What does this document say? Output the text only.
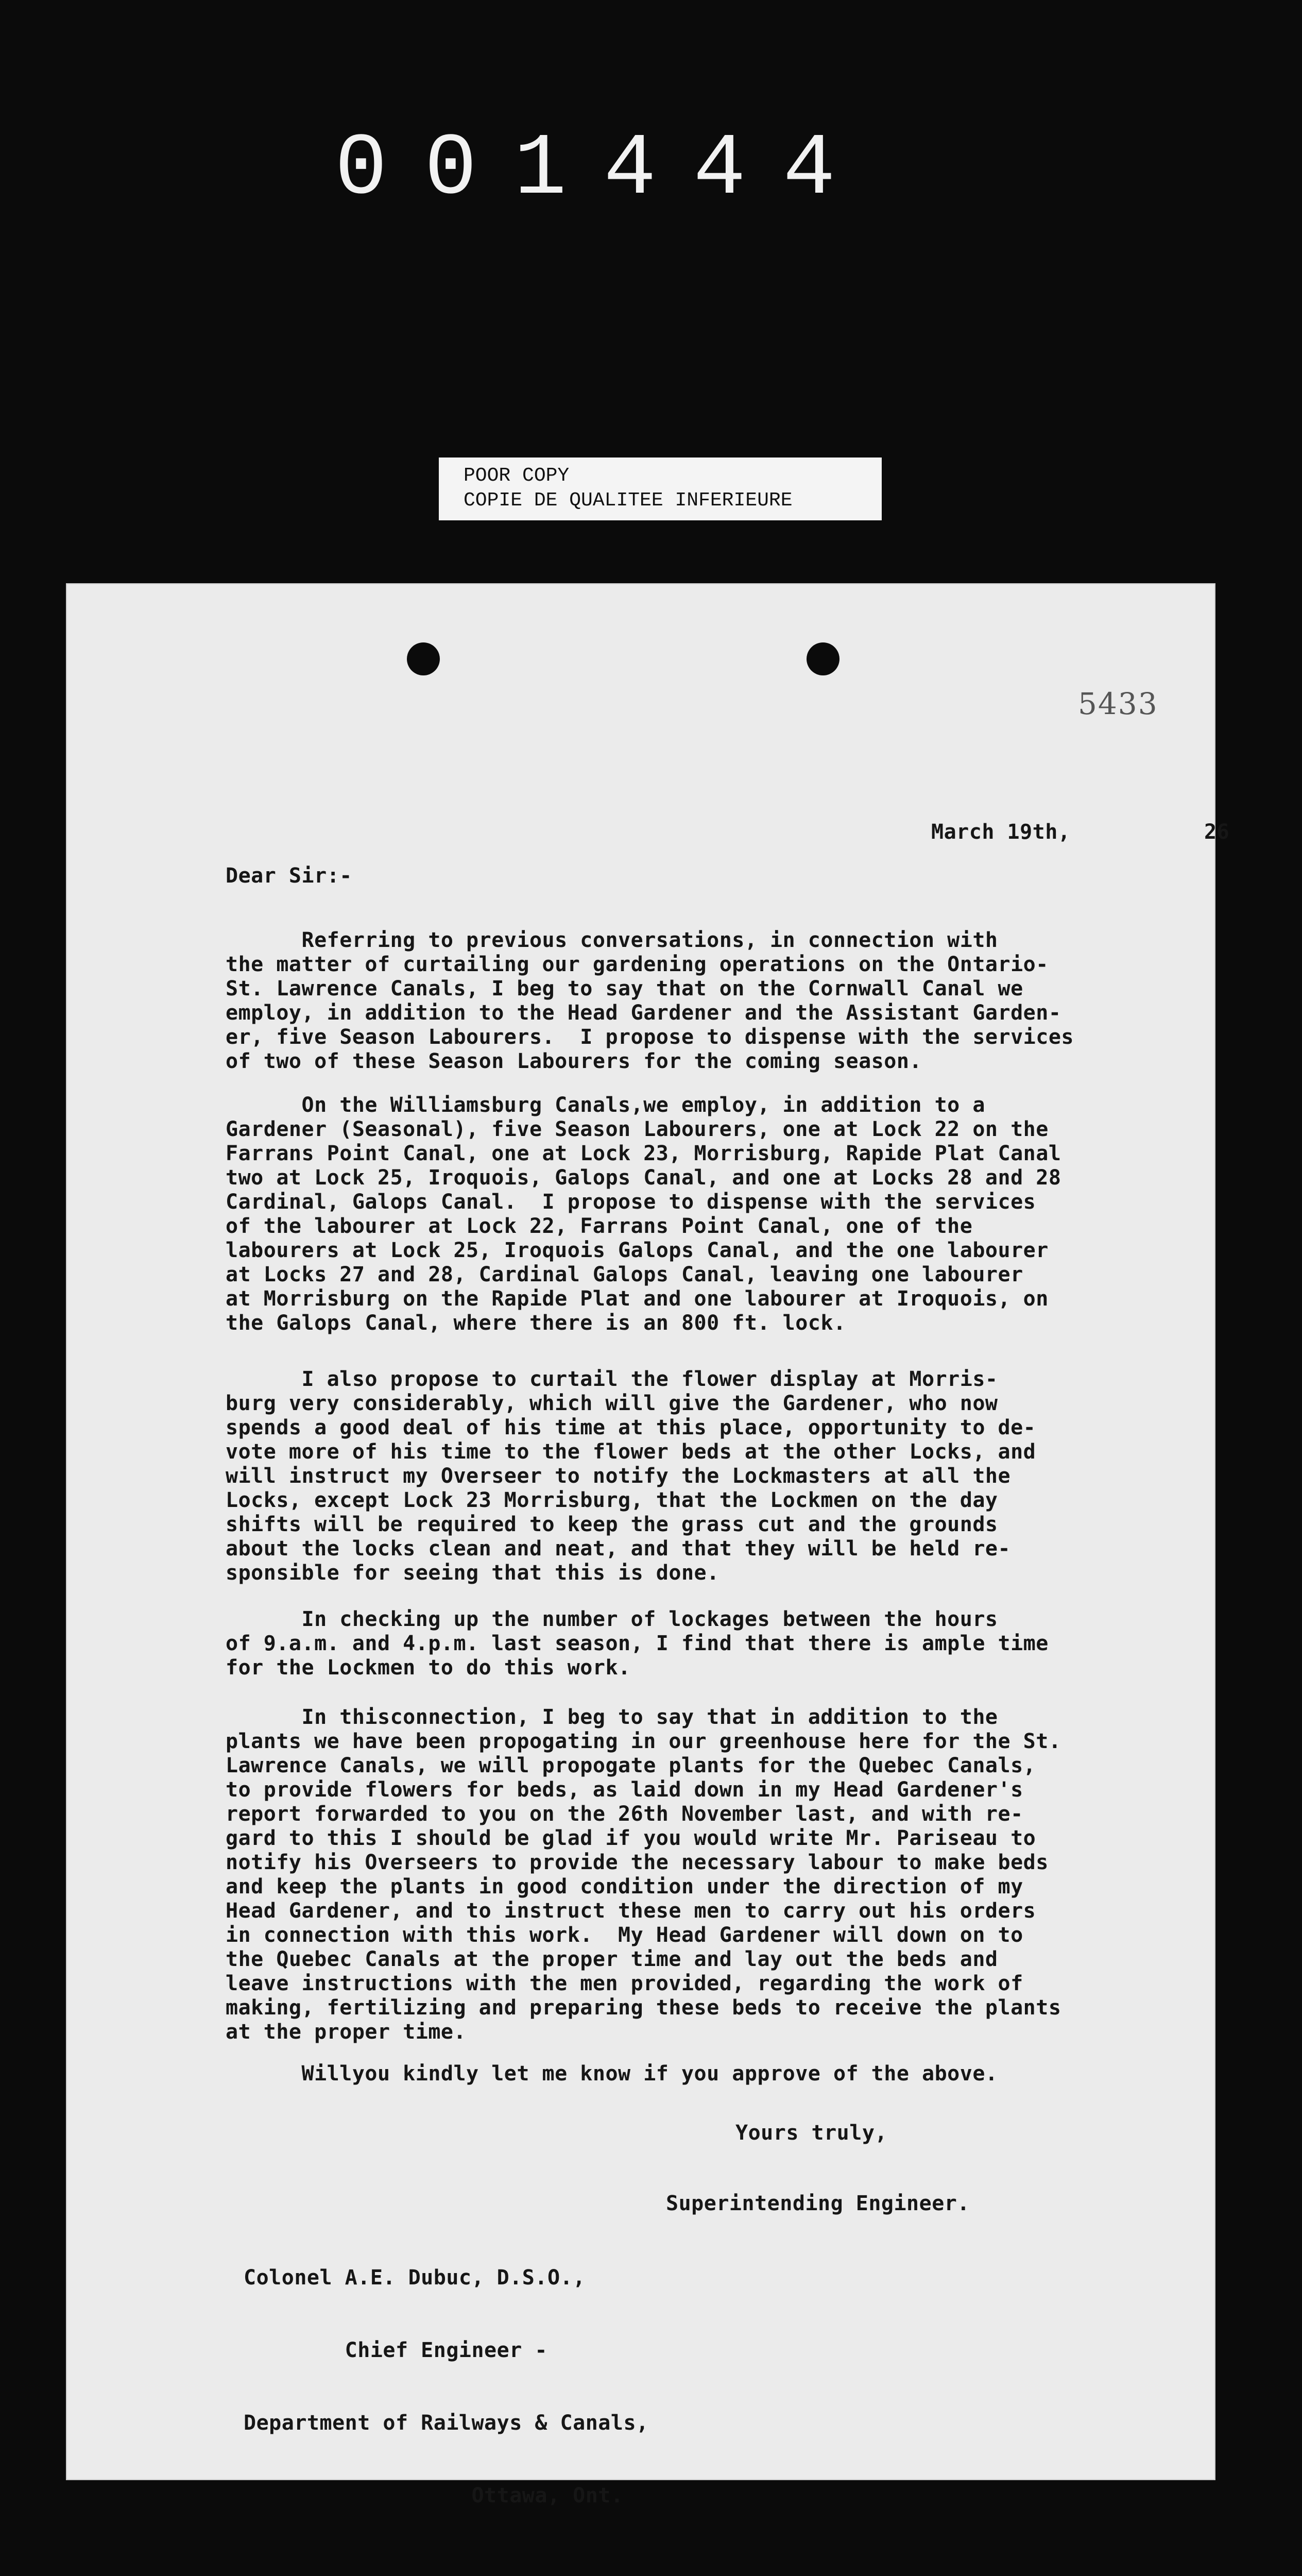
001444
POOR COPY
COPIE DE QUALITEE INFERIEURE
5433

March 19th,

	26

Dear Sir:-

Referring to previous conversations, in connection with
the matter of curtailing our gardening operations on the Ontario-
St. Lawrence Canals, I beg to say that on the Cornwall Canal we
employ, in addition to the Head Gardener and the Assistant Garden-
er, five Season Labourers.  I propose to dispense with the services
of two of these Season Labourers for the coming season.
On the Williamsburg Canals,we employ, in addition to a
Gardener (Seasonal), five Season Labourers, one at Lock 22 on the
Farrans Point Canal, one at Lock 23, Morrisburg, Rapide Plat Canal
two at Lock 25, Iroquois, Galops Canal, and one at Locks 28 and 28
Cardinal, Galops Canal.  I propose to dispense with the services
of the labourer at Lock 22, Farrans Point Canal, one of the
labourers at Lock 25, Iroquois Galops Canal, and the one labourer
at Locks 27 and 28, Cardinal Galops Canal, leaving one labourer
at Morrisburg on the Rapide Plat and one labourer at Iroquois, on
the Galops Canal, where there is an 800 ft. lock.
I also propose to curtail the flower display at Morris-
burg very considerably, which will give the Gardener, who now
spends a good deal of his time at this place, opportunity to de-
vote more of his time to the flower beds at the other Locks, and
will instruct my Overseer to notify the Lockmasters at all the
Locks, except Lock 23 Morrisburg, that the Lockmen on the day
shifts will be required to keep the grass cut and the grounds
about the locks clean and neat, and that they will be held re-
sponsible for seeing that this is done.
In checking up the number of lockages between the hours
of 9.a.m. and 4.p.m. last season, I find that there is ample time
for the Lockmen to do this work.
In thisconnection, I beg to say that in addition to the
plants we have been propogating in our greenhouse here for the St.
Lawrence Canals, we will propogate plants for the Quebec Canals,
to provide flowers for beds, as laid down in my Head Gardener's
report forwarded to you on the 26th November last, and with re-
gard to this I should be glad if you would write Mr. Pariseau to
notify his Overseers to provide the necessary labour to make beds
and keep the plants in good condition under the direction of my
Head Gardener, and to instruct these men to carry out his orders
in connection with this work.  My Head Gardener will down on to
the Quebec Canals at the proper time and lay out the beds and
leave instructions with the men provided, regarding the work of
making, fertilizing and preparing these beds to receive the plants
at the proper time.
Willyou kindly let me know if you approve of the above.
Yours truly,
Superintending Engineer.

Colonel A.E. Dubuc, D.S.O.,

Chief Engineer -

Department of Railways & Canals,

Ottawa, Ont.
